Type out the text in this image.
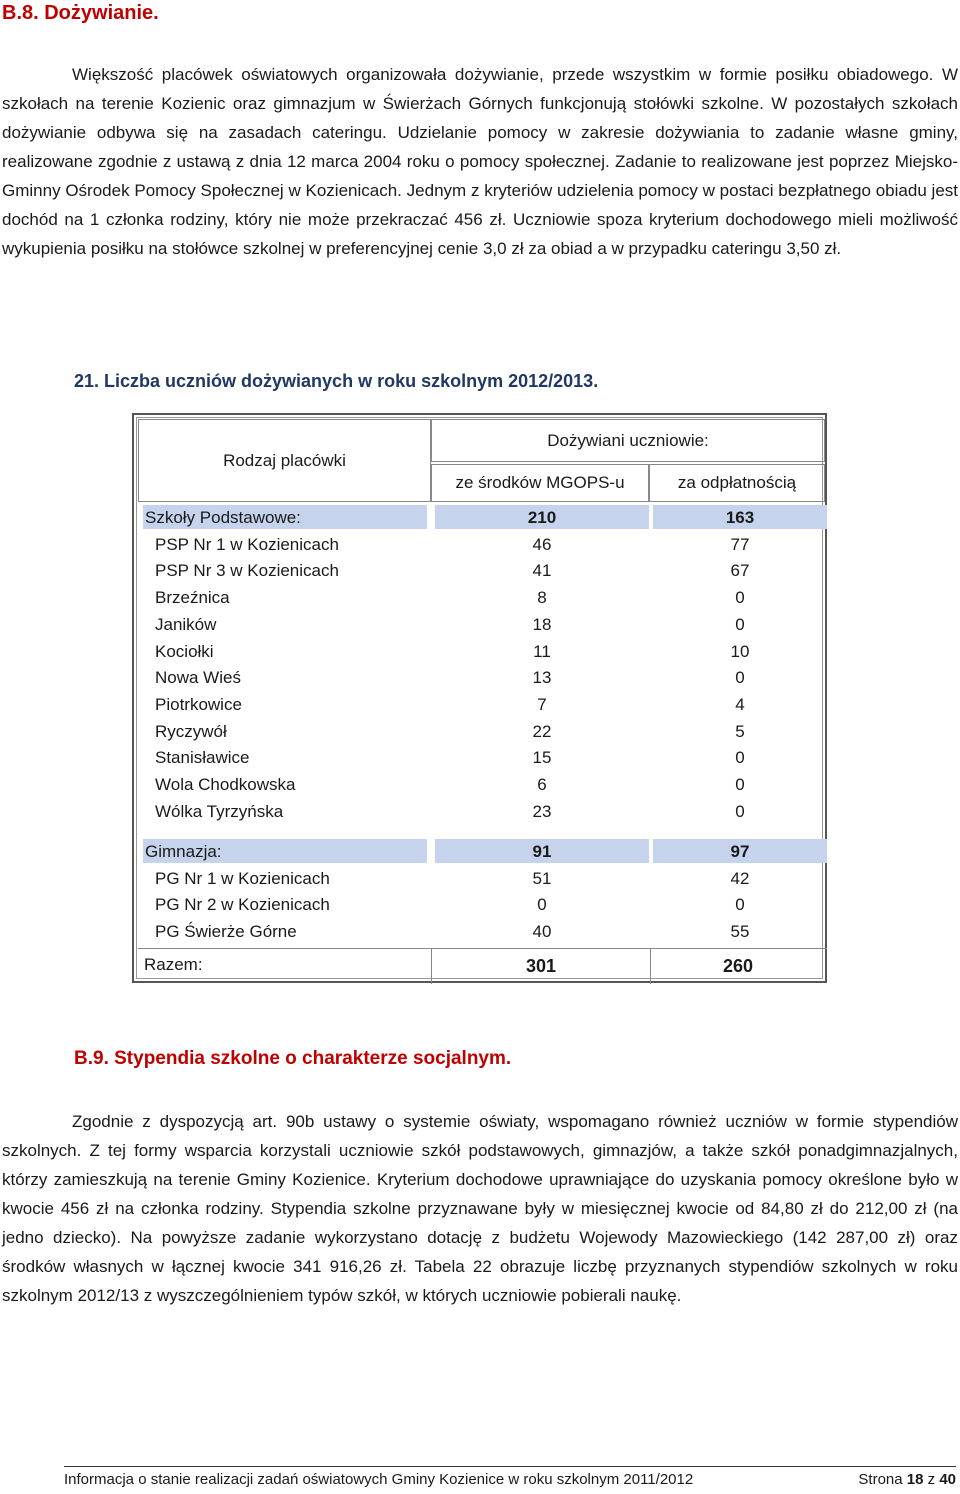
B.8. Dożywianie.

Większość placówek oświatowych organizowała dożywianie, przede wszystkim w formie posiłku obiadowego. W szkołach na terenie Kozienic oraz gimnazjum w Świerżach Górnych funkcjonują stołówki szkolne. W pozostałych szkołach dożywianie odbywa się na zasadach cateringu. Udzielanie pomocy w zakresie dożywiania to zadanie własne gminy, realizowane zgodnie z ustawą z dnia 12 marca 2004 roku o pomocy społecznej. Zadanie to realizowane jest poprzez Miejsko-Gminny Ośrodek Pomocy Społecznej w Kozienicach. Jednym z kryteriów udzielenia pomocy w postaci bezpłatnego obiadu jest dochód na 1 członka rodziny, który nie może przekraczać 456 zł. Uczniowie spoza kryterium dochodowego mieli możliwość wykupienia posiłku na stołówce szkolnej w preferencyjnej cenie 3,0 zł za obiad a w przypadku cateringu 3,50 zł.

21. Liczba uczniów dożywianych w roku szkolnym 2012/2013.
Rodzaj placówki
Dożywiani uczniowie:
ze środków MGOPS-u	za odpłatnością
Szkoły Podstawowe:	210	163
PSP Nr 1 w Kozienicach	46	77
PSP Nr 3 w Kozienicach	41	67
Brzeźnica	8	0
Janików	18	0
Kociołki	11	10
Nowa Wieś	13	0
Piotrkowice	7	4
Ryczywół	22	5
Stanisławice	15	0
Wola Chodkowska	6	0
Wólka Tyrzyńska	23	0
Gimnazja:	91	97
PG Nr 1 w Kozienicach	51	42
PG Nr 2 w Kozienicach	0	0
PG Świerże Górne	40	55
Razem:	301	260
B.9. Stypendia szkolne o charakterze socjalnym.

Zgodnie z dyspozycją art. 90b ustawy o systemie oświaty, wspomagano również uczniów w formie stypendiów szkolnych. Z tej formy wsparcia korzystali uczniowie szkół podstawowych, gimnazjów, a także szkół ponadgimnazjalnych, którzy zamieszkują na terenie Gminy Kozienice. Kryterium dochodowe uprawniające do uzyskania pomocy określone było w kwocie 456 zł na członka rodziny. Stypendia szkolne przyznawane były w miesięcznej kwocie od 84,80 zł do 212,00 zł (na jedno dziecko). Na powyższe zadanie wykorzystano dotację z budżetu Wojewody Mazowieckiego (142 287,00 zł) oraz środków własnych w łącznej kwocie 341 916,26 zł. Tabela 22 obrazuje liczbę przyznanych stypendiów szkolnych w roku szkolnym 2012/13 z wyszczególnieniem typów szkół, w których uczniowie pobierali naukę.

Informacja o stanie realizacji zadań oświatowych Gminy Kozienice w roku szkolnym 2011/2012	Strona 18 z 40
